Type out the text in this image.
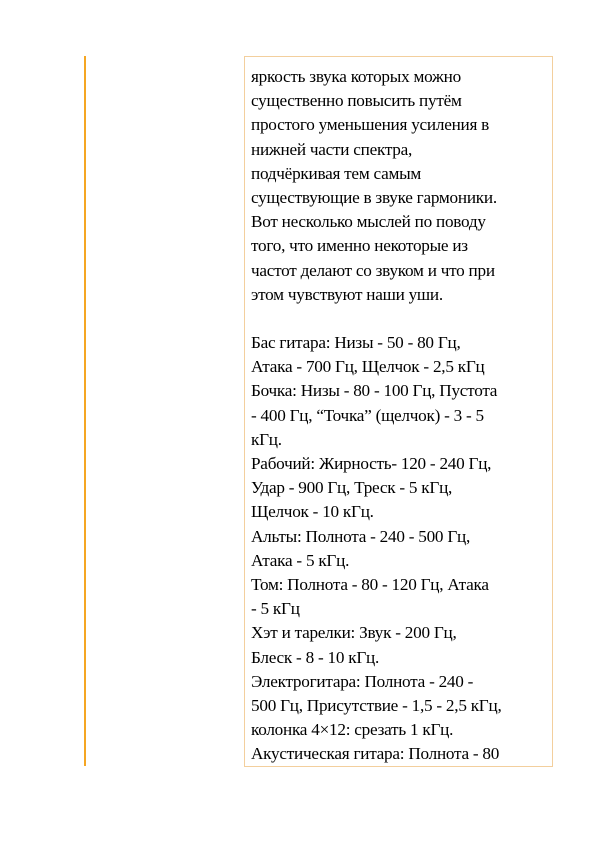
яркость звука которых можно
существенно повысить путём
простого уменьшения усиления в
нижней части спектра,
подчёркивая тем самым
существующие в звуке гармоники.
Вот несколько мыслей по поводу
того, что именно некоторые из
частот делают со звуком и что при
этом чувствуют наши уши.

Бас гитара: Низы - 50 - 80 Гц,
Атака - 700 Гц, Щелчок - 2,5 кГц
Бочка: Низы - 80 - 100 Гц, Пустота
- 400 Гц, “Точка” (щелчок) - 3 - 5
кГц.
Рабочий: Жирность- 120 - 240 Гц,
Удар - 900 Гц, Треск - 5 кГц,
Щелчок - 10 кГц.
Альты: Полнота - 240 - 500 Гц,
Атака - 5 кГц.
Том: Полнота - 80 - 120 Гц, Атака
- 5 кГц
Хэт и тарелки: Звук - 200 Гц,
Блеск - 8 - 10 кГц.
Электрогитара: Полнота - 240 -
500 Гц, Присутствие - 1,5 - 2,5 кГц,
колонка 4×12: срезать 1 кГц.
Акустическая гитара: Полнота - 80
